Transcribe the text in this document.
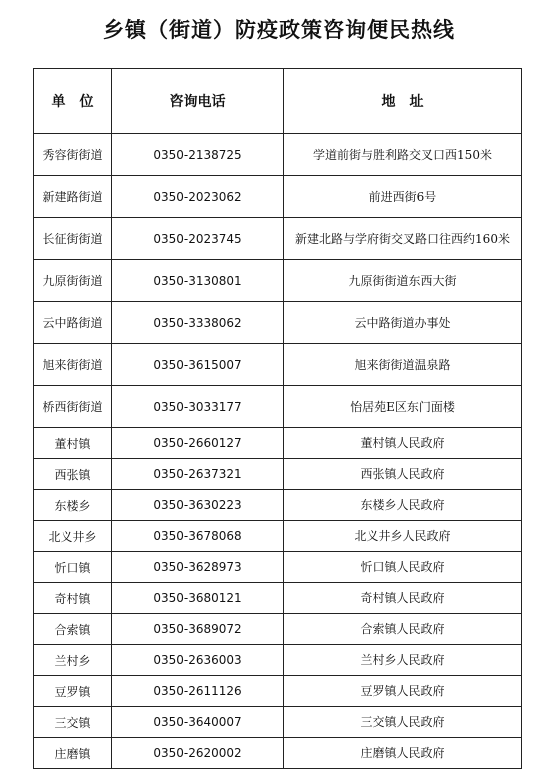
乡镇（街道）防疫政策咨询便民热线
单　位	咨询电话	地　址
秀容街街道	0350-2138725	学道前街与胜利路交叉口西150米
新建路街道	0350-2023062	前进西街6号
长征街街道	0350-2023745	新建北路与学府街交叉路口往西约160米
九原街街道	0350-3130801	九原街街道东西大街
云中路街道	0350-3338062	云中路街道办事处
旭来街街道	0350-3615007	旭来街街道温泉路
桥西街街道	0350-3033177	怡居苑E区东门面楼
董村镇	0350-2660127	董村镇人民政府
西张镇	0350-2637321	西张镇人民政府
东楼乡	0350-3630223	东楼乡人民政府
北义井乡	0350-3678068	北义井乡人民政府
忻口镇	0350-3628973	忻口镇人民政府
奇村镇	0350-3680121	奇村镇人民政府
合索镇	0350-3689072	合索镇人民政府
兰村乡	0350-2636003	兰村乡人民政府
豆罗镇	0350-2611126	豆罗镇人民政府
三交镇	0350-3640007	三交镇人民政府
庄磨镇	0350-2620002	庄磨镇人民政府
